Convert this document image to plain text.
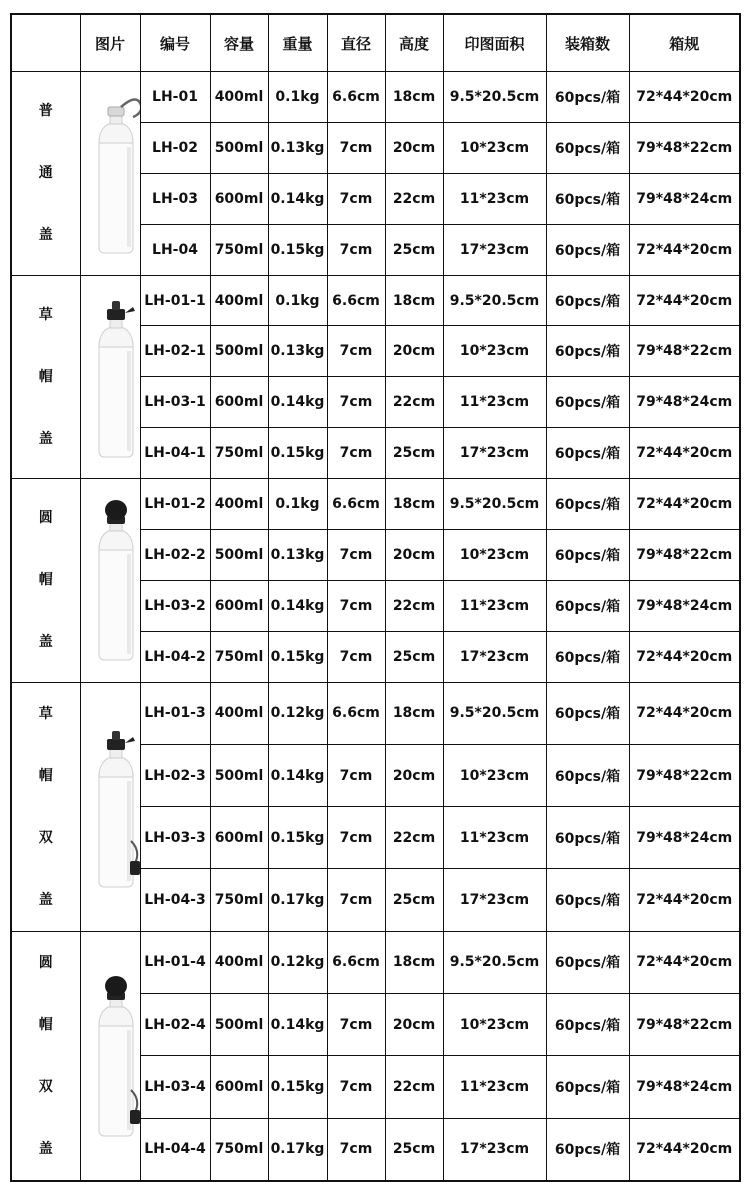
	图片	编号	容量	重量	直径	高度	印图面积	装箱数	箱规

普
通
盖		LH-01	400ml	0.1kg	6.6cm	18cm	9.5*20.5cm	60pcs/箱	72*44*20cm
		LH-02	500ml	0.13kg	7cm	20cm	10*23cm	60pcs/箱	79*48*22cm
		LH-03	600ml	0.14kg	7cm	22cm	11*23cm	60pcs/箱	79*48*24cm
		LH-04	750ml	0.15kg	7cm	25cm	17*23cm	60pcs/箱	72*44*20cm

草
帽
盖		LH-01-1	400ml	0.1kg	6.6cm	18cm	9.5*20.5cm	60pcs/箱	72*44*20cm
		LH-02-1	500ml	0.13kg	7cm	20cm	10*23cm	60pcs/箱	79*48*22cm
		LH-03-1	600ml	0.14kg	7cm	22cm	11*23cm	60pcs/箱	79*48*24cm
		LH-04-1	750ml	0.15kg	7cm	25cm	17*23cm	60pcs/箱	72*44*20cm

圆
帽
盖		LH-01-2	400ml	0.1kg	6.6cm	18cm	9.5*20.5cm	60pcs/箱	72*44*20cm
		LH-02-2	500ml	0.13kg	7cm	20cm	10*23cm	60pcs/箱	79*48*22cm
		LH-03-2	600ml	0.14kg	7cm	22cm	11*23cm	60pcs/箱	79*48*24cm
		LH-04-2	750ml	0.15kg	7cm	25cm	17*23cm	60pcs/箱	72*44*20cm

草
帽
双
盖		LH-01-3	400ml	0.12kg	6.6cm	18cm	9.5*20.5cm	60pcs/箱	72*44*20cm
		LH-02-3	500ml	0.14kg	7cm	20cm	10*23cm	60pcs/箱	79*48*22cm
		LH-03-3	600ml	0.15kg	7cm	22cm	11*23cm	60pcs/箱	79*48*24cm
		LH-04-3	750ml	0.17kg	7cm	25cm	17*23cm	60pcs/箱	72*44*20cm

圆
帽
双
盖		LH-01-4	400ml	0.12kg	6.6cm	18cm	9.5*20.5cm	60pcs/箱	72*44*20cm
		LH-02-4	500ml	0.14kg	7cm	20cm	10*23cm	60pcs/箱	79*48*22cm
		LH-03-4	600ml	0.15kg	7cm	22cm	11*23cm	60pcs/箱	79*48*24cm
		LH-04-4	750ml	0.17kg	7cm	25cm	17*23cm	60pcs/箱	72*44*20cm
